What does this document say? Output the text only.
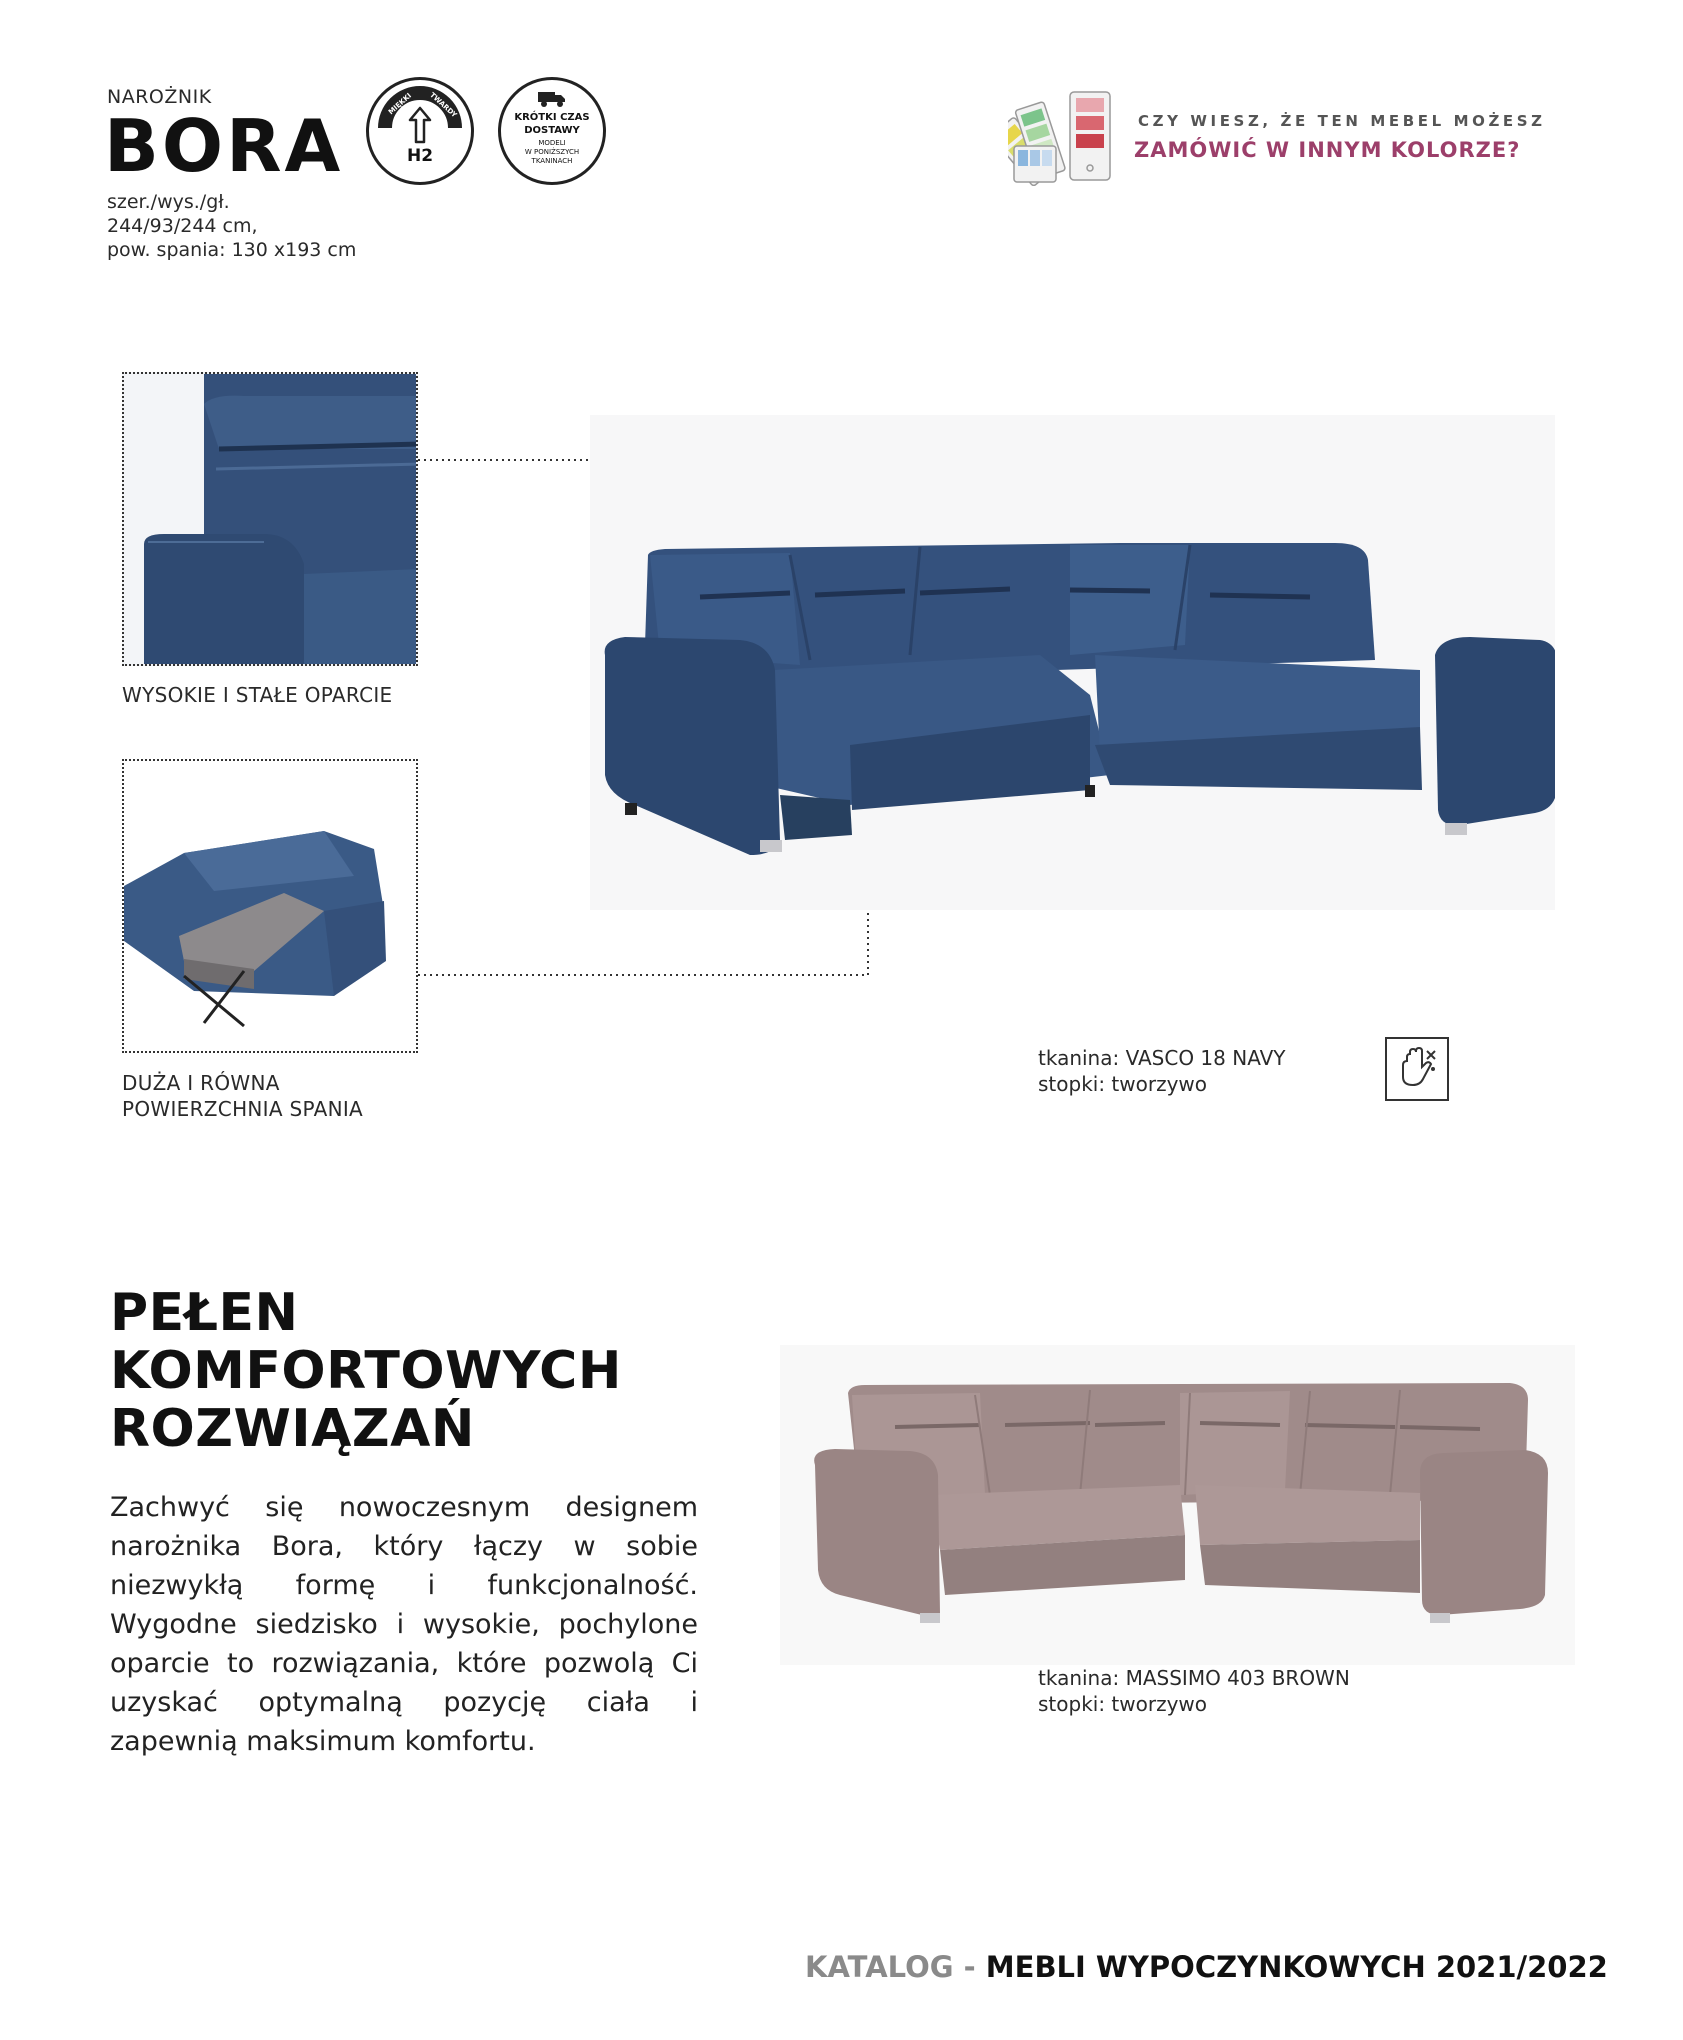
NAROŻNIK
BORA
szer./wys./gł.
244/93/244 cm,
pow. spania: 130 x193 cm
MIĘKKI TWARDY
H2
KRÓTKI CZAS
DOSTAWY
MODELI
W PONIŻSZYCH
TKANINACH
CZY WIESZ, ŻE TEN MEBEL MOŻESZ
ZAMÓWIĆ W INNYM KOLORZE?
WYSOKIE I STAŁE OPARCIE
DUŻA I RÓWNA
POWIERZCHNIA SPANIA
tkanina: VASCO 18 NAVY
stopki: tworzywo
PEŁEN
KOMFORTOWYCH
ROZWIĄZAŃ
Zachwyć się nowoczesnym designem narożnika Bora, który łączy w sobie niezwykłą formę i funkcjonalność. Wygodne siedzisko i wysokie, pochylone oparcie to rozwiązania, które pozwolą Ci uzyskać optymalną pozycję ciała i zapewnią maksimum komfortu.
tkanina: MASSIMO 403 BROWN
stopki: tworzywo
KATALOG - MEBLI WYPOCZYNKOWYCH 2021/2022
